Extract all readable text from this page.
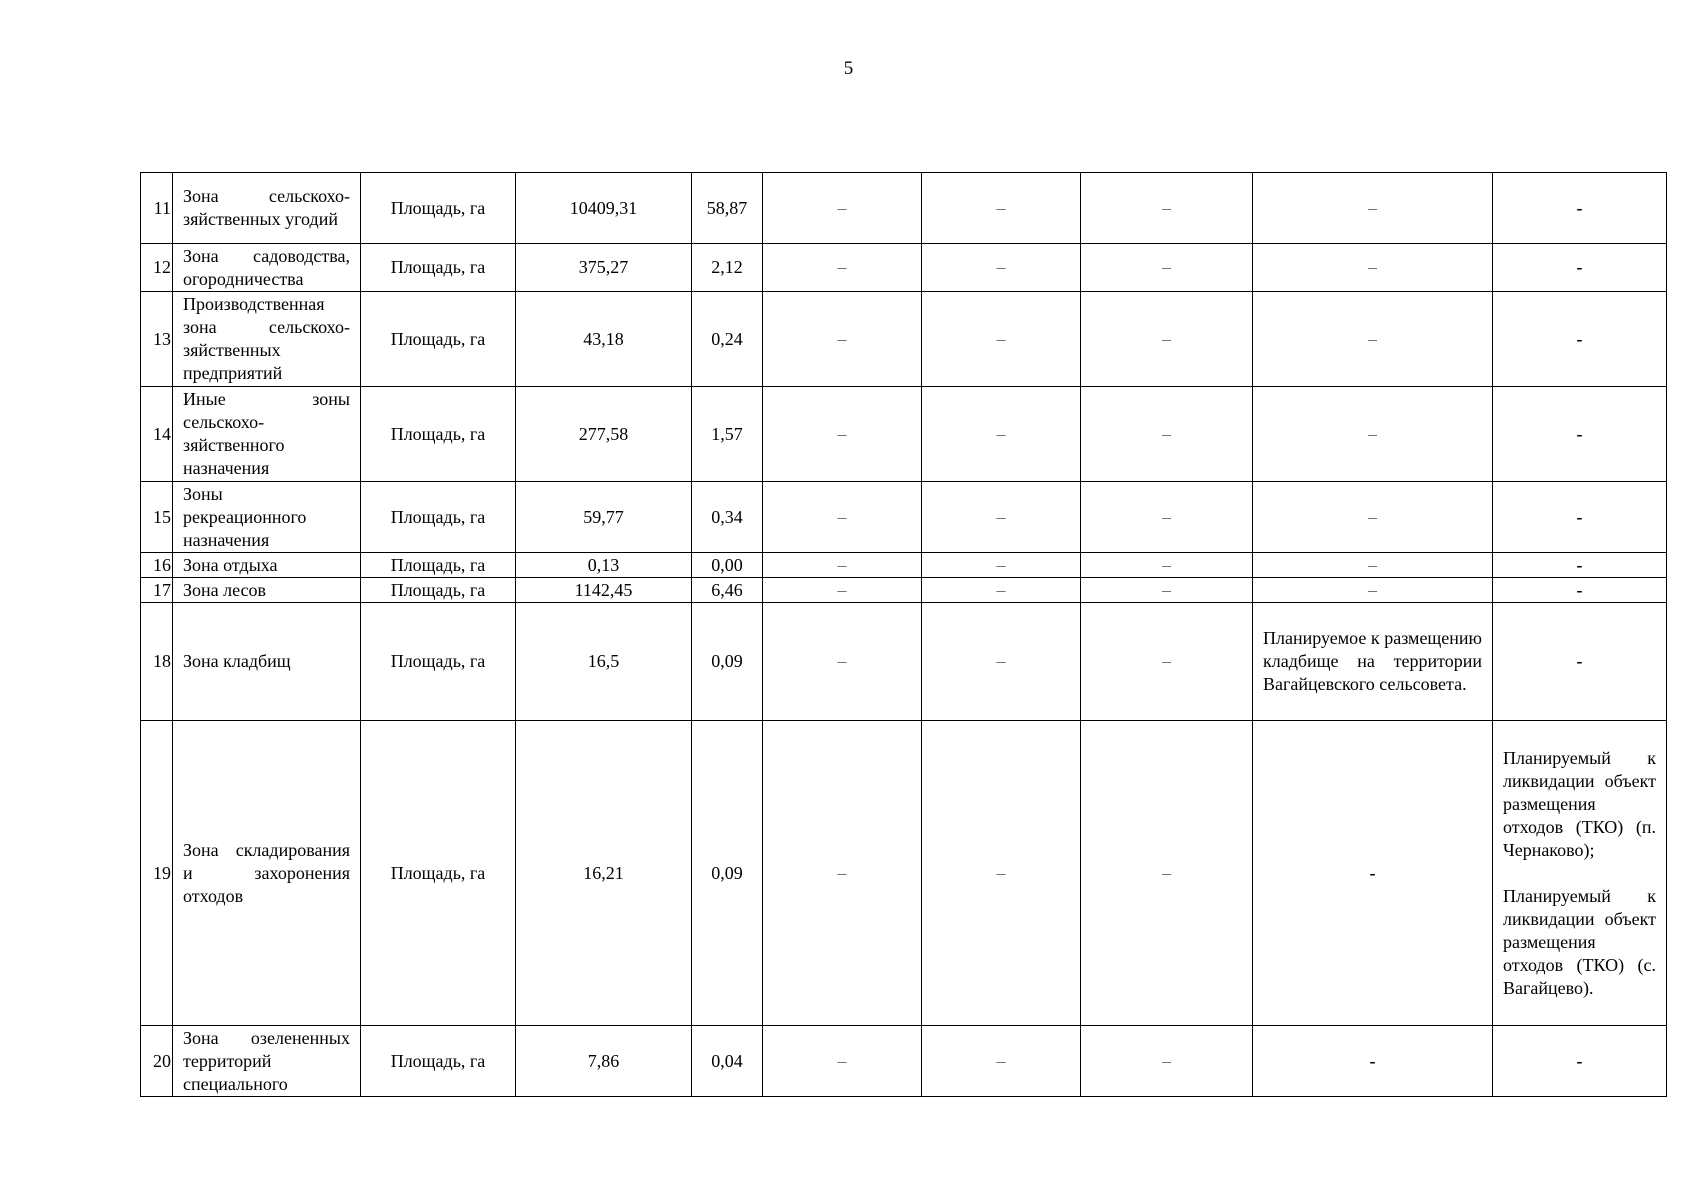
5
11	Зона сельскохо-зяйственных угодий	Площадь, га	10409,31	58,87	–	–	–	–	-
12	Зона садоводства, огородничества	Площадь, га	375,27	2,12	–	–	–	–	-
13	Производственная зона сельскохо-зяйственных предприятий	Площадь, га	43,18	0,24	–	–	–	–	-
14	Иные зоны сельскохо-зяйственного назначения	Площадь, га	277,58	1,57	–	–	–	–	-
15	Зоны рекреационного назначения	Площадь, га	59,77	0,34	–	–	–	–	-
16	Зона отдыха	Площадь, га	0,13	0,00	–	–	–	–	-
17	Зона лесов	Площадь, га	1142,45	6,46	–	–	–	–	-
18	Зона кладбищ	Площадь, га	16,5	0,09	–	–	–	Планируемое к размещению кладбище на территории Вагайцевского сельсовета.	-
19	Зона складирования и захоронения отходов	Площадь, га	16,21	0,09	–	–	–	-	Планируемый к ликвидации объект размещения отходов (ТКО) (п. Чернаково);

Планируемый к ликвидации объект размещения отходов (ТКО) (с. Вагайцево).
20	Зона озелененных территорий специального	Площадь, га	7,86	0,04	–	–	–	-	-
